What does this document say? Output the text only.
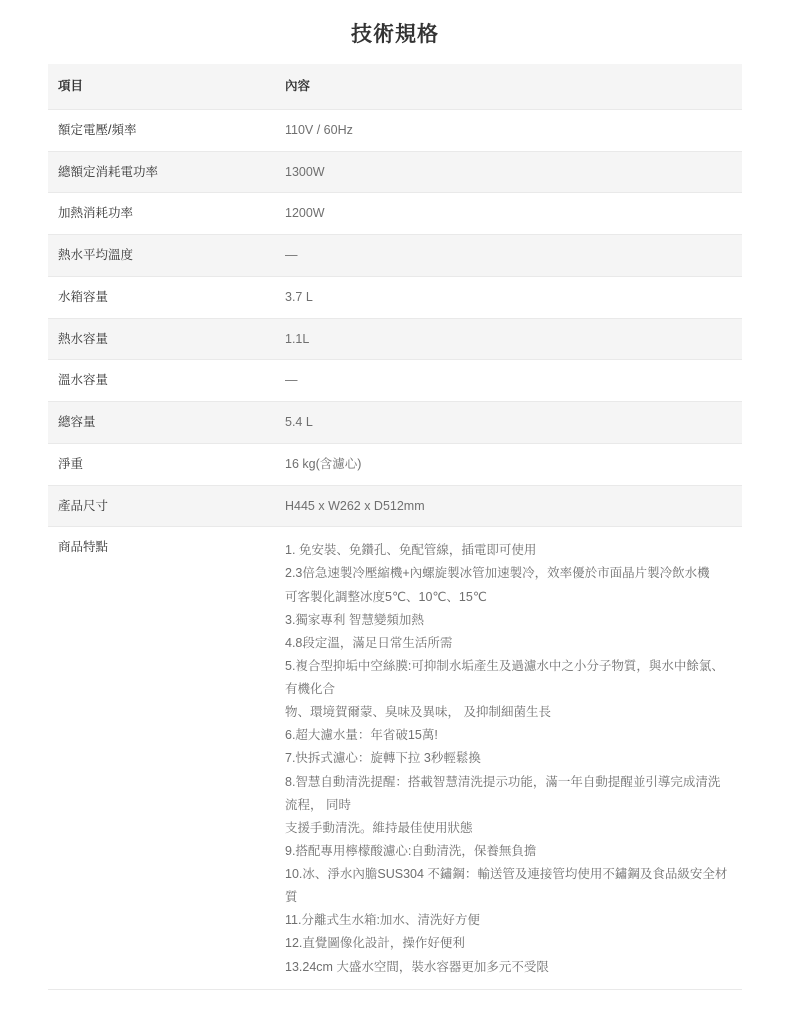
技術規格
項目	內容
額定電壓/頻率	110V / 60Hz
總額定消耗電功率	1300W
加熱消耗功率	1200W
熱水平均溫度	—
水箱容量	3.7 L
熱水容量	1.1L
溫水容量	—
總容量	5.4 L
淨重	16 kg(含濾心)
產品尺寸	H445 x W262 x D512mm
商品特點	1. 免安裝、免鑽孔、免配管線，插電即可使用
2.3倍急速製冷壓縮機+內螺旋製冰管加速製冷，效率優於市面晶片製冷飲水機
可客製化調整冰度5℃、10℃、15℃
3.獨家專利 智慧變頻加熱
4.8段定溫，滿足日常生活所需
5.複合型抑垢中空絲膜:可抑制水垢產生及過濾水中之小分子物質，與水中餘氯、有機化合
物、環境賀爾蒙、臭味及異味， 及抑制細菌生長
6.超大濾水量：年省破15萬!
7.快拆式濾心：旋轉下拉 3秒輕鬆換
8.智慧自動清洗提醒：搭載智慧清洗提示功能，滿一年自動提醒並引導完成清洗流程， 同時
支援手動清洗。維持最佳使用狀態
9.搭配專用檸檬酸濾心:自動清洗，保養無負擔
10.冰、淨水內膽SUS304 不鏽鋼：輸送管及連接管均使用不鏽鋼及食品級安全材質
11.分離式生水箱:加水、清洗好方便
12.直覺圖像化設計，操作好便利
13.24cm 大盛水空間，裝水容器更加多元不受限
